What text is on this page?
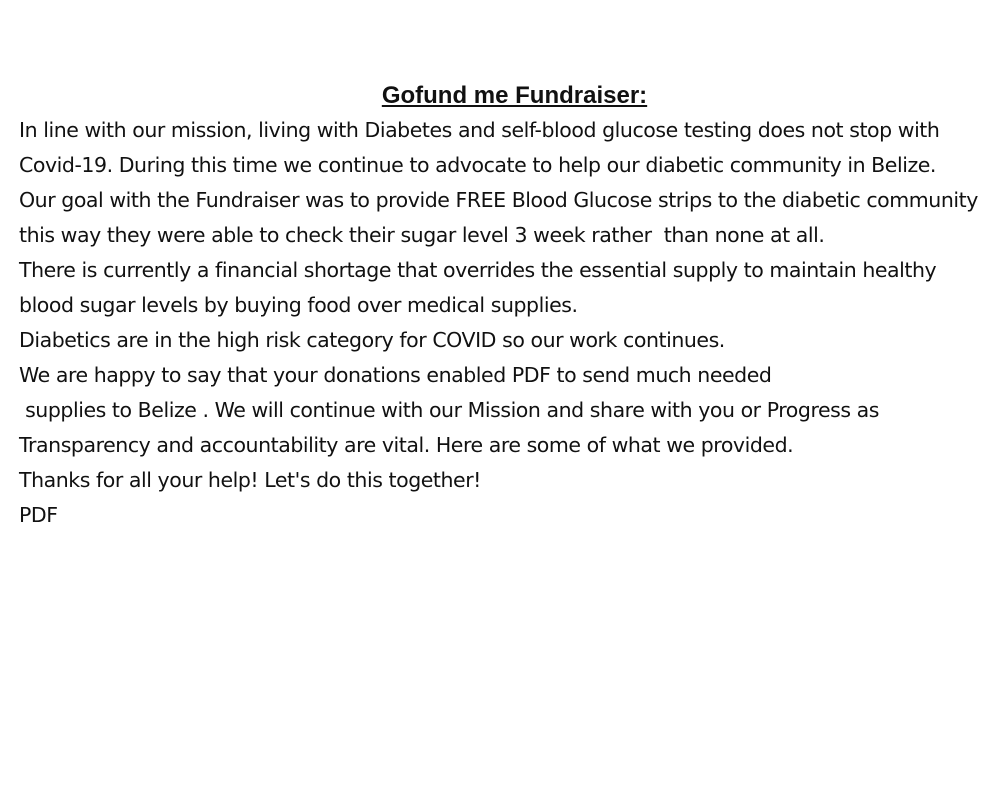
Gofund me Fundraiser:

In line with our mission, living with Diabetes and self-blood glucose testing does not stop with Covid-19. During this time we continue to advocate to help our diabetic community in Belize.

Our goal with the Fundraiser was to provide FREE Blood Glucose strips to the diabetic community this way they were able to check their sugar level 3 week rather  than none at all.

There is currently a financial shortage that overrides the essential supply to maintain healthy blood sugar levels by buying food over medical supplies.

Diabetics are in the high risk category for COVID so our work continues.

We are happy to say that your donations enabled PDF to send much needed

supplies to Belize . We will continue with our Mission and share with you or Progress as Transparency and accountability are vital. Here are some of what we provided.

Thanks for all your help! Let's do this together!

PDF
